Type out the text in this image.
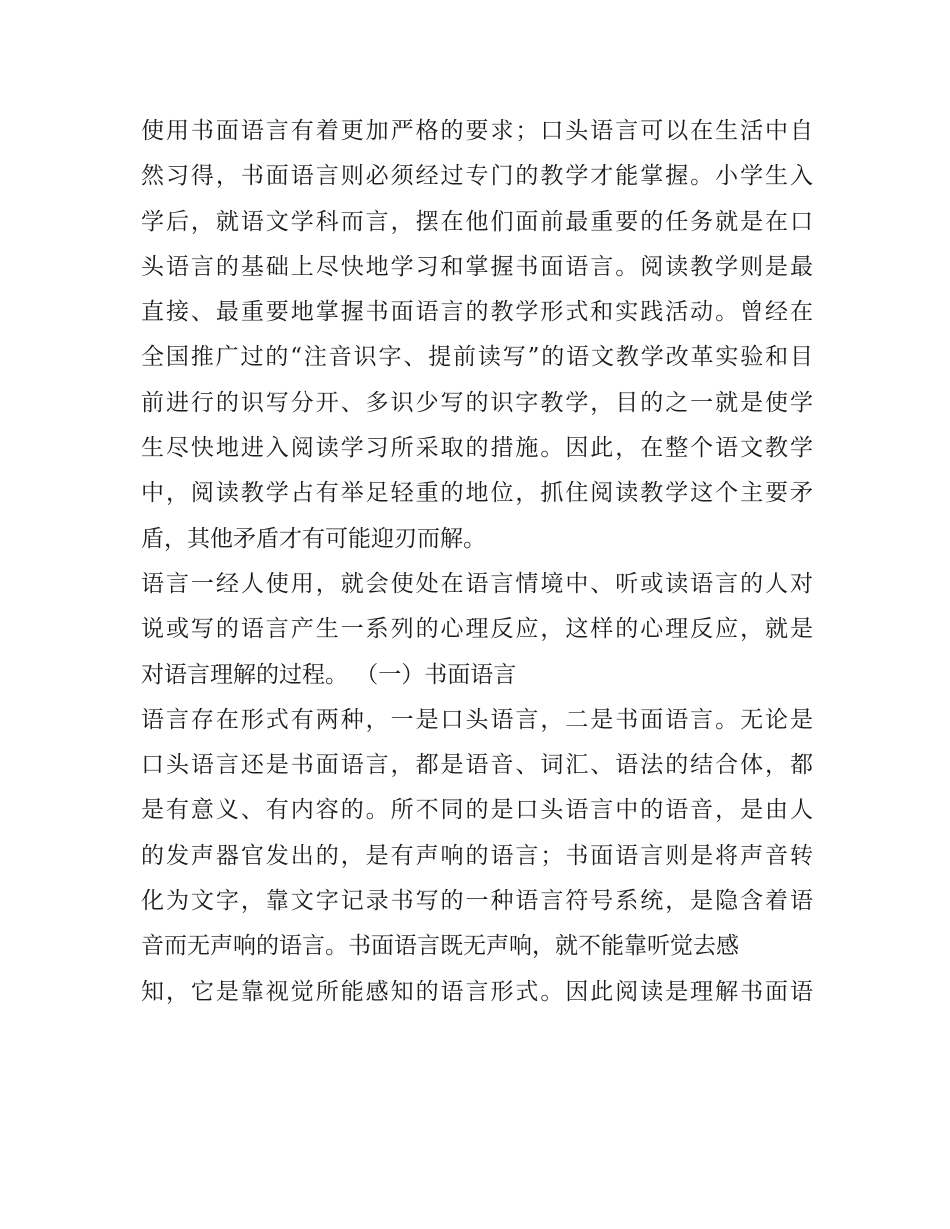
使用书面语言有着更加严格的要求；口头语言可以在生活中自
然习得，书面语言则必须经过专门的教学才能掌握。小学生入
学后，就语文学科而言，摆在他们面前最重要的任务就是在口
头语言的基础上尽快地学习和掌握书面语言。阅读教学则是最
直接、最重要地掌握书面语言的教学形式和实践活动。曾经在
全国推广过的“注音识字、提前读写”的语文教学改革实验和目
前进行的识写分开、多识少写的识字教学，目的之一就是使学
生尽快地进入阅读学习所采取的措施。因此，在整个语文教学
中，阅读教学占有举足轻重的地位，抓住阅读教学这个主要矛
盾，其他矛盾才有可能迎刃而解。
语言一经人使用，就会使处在语言情境中、听或读语言的人对
说或写的语言产生一系列的心理反应，这样的心理反应，就是
对语言理解的过程。 （一）书面语言
语言存在形式有两种，一是口头语言，二是书面语言。无论是
口头语言还是书面语言，都是语音、词汇、语法的结合体，都
是有意义、有内容的。所不同的是口头语言中的语音，是由人
的发声器官发出的，是有声响的语言；书面语言则是将声音转
化为文字，靠文字记录书写的一种语言符号系统，是隐含着语
音而无声响的语言。书面语言既无声响，就不能靠听觉去感
知，它是靠视觉所能感知的语言形式。因此阅读是理解书面语
